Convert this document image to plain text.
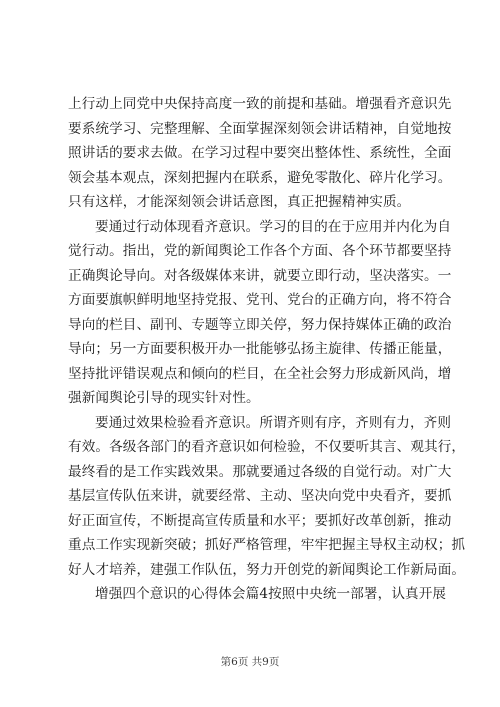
上行动上同党中央保持高度一致的前提和基础。增强看齐意识先
要系统学习、完整理解、全面掌握深刻领会讲话精神，自觉地按
照讲话的要求去做。在学习过程中要突出整体性、系统性，全面
领会基本观点，深刻把握内在联系，避免零散化、碎片化学习。
只有这样，才能深刻领会讲话意图，真正把握精神实质。
要通过行动体现看齐意识。学习的目的在于应用并内化为自
觉行动。指出，党的新闻舆论工作各个方面、各个环节都要坚持
正确舆论导向。对各级媒体来讲，就要立即行动，坚决落实。一
方面要旗帜鲜明地坚持党报、党刊、党台的正确方向，将不符合
导向的栏目、副刊、专题等立即关停，努力保持媒体正确的政治
导向；另一方面要积极开办一批能够弘扬主旋律、传播正能量，
坚持批评错误观点和倾向的栏目，在全社会努力形成新风尚，增
强新闻舆论引导的现实针对性。
要通过效果检验看齐意识。所谓齐则有序，齐则有力，齐则
有效。各级各部门的看齐意识如何检验，不仅要听其言、观其行，
最终看的是工作实践效果。那就要通过各级的自觉行动。对广大
基层宣传队伍来讲，就要经常、主动、坚决向党中央看齐，要抓
好正面宣传，不断提高宣传质量和水平；要抓好改革创新，推动
重点工作实现新突破；抓好严格管理，牢牢把握主导权主动权；抓
好人才培养，建强工作队伍，努力开创党的新闻舆论工作新局面。
增强四个意识的心得体会篇4按照中央统一部署，认真开展
第6页 共9页
